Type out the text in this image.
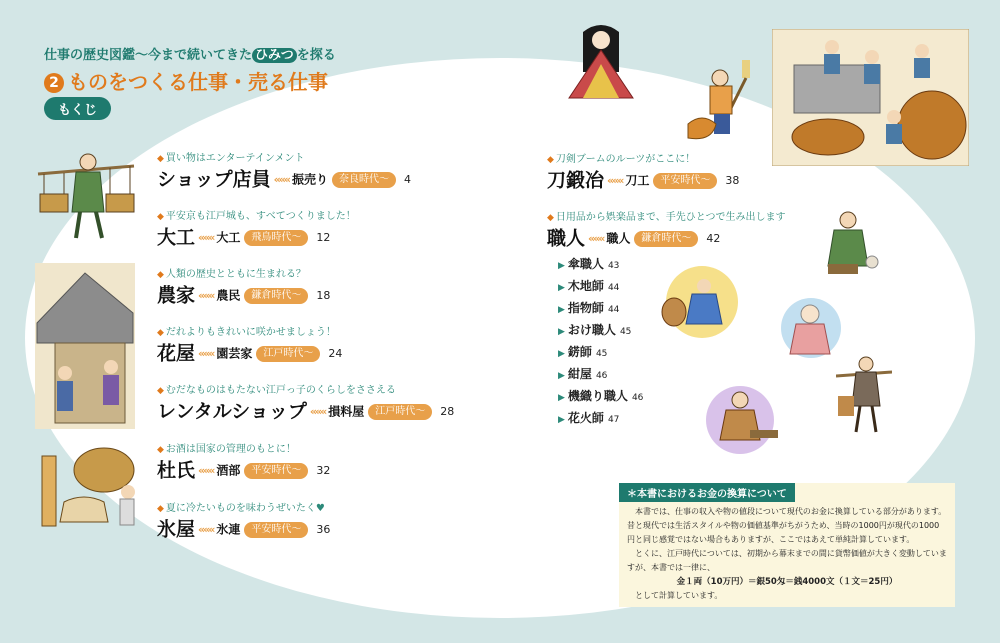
仕事の歴史図鑑～今まで続いてきた ひみつ を探る
2 ものをつくる仕事・売る仕事
もくじ
◆ 買い物はエンターテインメント
ショップ店員 ««« 振売り 奈良時代～ 4
◆ 平安京も江戸城も、すべてつくりました！
大工 ««« 大工 飛鳥時代～ 12
◆ 人類の歴史とともに生まれる？
農家 ««« 農民 鎌倉時代～ 18
◆ だれよりもきれいに咲かせましょう！
花屋 ««« 園芸家 江戸時代～ 24
◆ むだなものはもたない江戸っ子のくらしをささえる
レンタルショップ ««« 損料屋 江戸時代～ 28
◆ お酒は国家の管理のもとに！
杜氏 ««« 酒部 平安時代～ 32
◆ 夏に冷たいものを味わうぜいたく♥
氷屋 ««« 氷連 平安時代～ 36
◆ 刀剣ブームのルーツがここに！
刀鍛冶 ««« 刀工 平安時代～ 38
◆ 日用品から娯楽品まで、手先ひとつで生み出します
職人 ««« 職人 鎌倉時代～ 42
▶ 傘職人 43
▶ 木地師 44
▶ 指物師 44
▶ おけ職人 45
▶ 錺師 45
▶ 紺屋 46
▶ 機織り職人 46
▶ 花火師 47
＊本書におけるお金の換算について

本書では、仕事の収入や物の値段について現代のお金に換算している部分があります。昔と現代では生活スタイルや物の価値基準がちがうため、当時の1000円が現代の1000円と同じ感覚ではない場合もありますが、ここではあえて単純計算しています。

とくに、江戸時代については、初期から幕末までの間に貨幣価値が大きく変動していますが、本書では一律に、

金１両（10万円）＝銀50匁＝銭4000文（１文＝25円）

として計算しています。
